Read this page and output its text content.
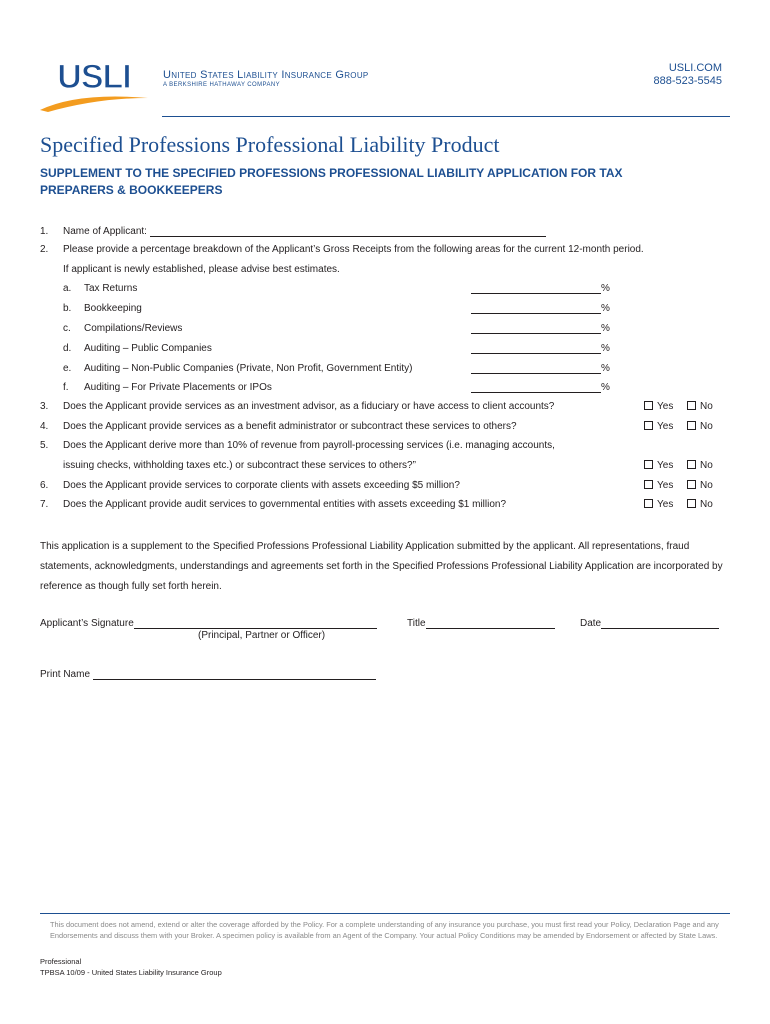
USLI	United States Liability Insurance Group
A BERKSHIRE HATHAWAY COMPANY
USLI.COM
888-523-5545
Specified Professions Professional Liability Product
SUPPLEMENT TO THE SPECIFIED PROFESSIONS PROFESSIONAL LIABILITY APPLICATION FOR TAX PREPARERS & BOOKKEEPERS
1. Name of Applicant:
2. Please provide a percentage breakdown of the Applicant’s Gross Receipts from the following areas for the current 12-month period.
If applicant is newly established, please advise best estimates.
a. Tax Returns	%
b. Bookkeeping	%
c. Compilations/Reviews	%
d. Auditing – Public Companies	%
e. Auditing – Non-Public Companies (Private, Non Profit, Government Entity)	%
f. Auditing – For Private Placements or IPOs	%
3. Does the Applicant provide services as an investment advisor, as a fiduciary or have access to client accounts?	Yes	No
4. Does the Applicant provide services as a benefit administrator or subcontract these services to others?	Yes	No
5. Does the Applicant derive more than 10% of revenue from payroll-processing services (i.e. managing accounts,
issuing checks, withholding taxes etc.) or subcontract these services to others?”	Yes	No
6. Does the Applicant provide services to corporate clients with assets exceeding $5 million?	Yes	No
7. Does the Applicant provide audit services to governmental entities with assets exceeding $1 million?	Yes	No
This application is a supplement to the Specified Professions Professional Liability Application submitted by the applicant. All representations, fraud statements, acknowledgments, understandings and agreements set forth in the Specified Professions Professional Liability Application are incorporated by reference as though fully set forth herein.
Applicant’s Signature
(Principal, Partner or Officer)
Title	Date
Print Name
This document does not amend, extend or alter the coverage afforded by the Policy. For a complete understanding of any insurance you purchase, you must first read your Policy, Declaration Page and any Endorsements and discuss them with your Broker. A specimen policy is available from an Agent of the Company. Your actual Policy Conditions may be amended by Endorsement or affected by State Laws.
Professional
TPBSA 10/09 - United States Liability Insurance Group
